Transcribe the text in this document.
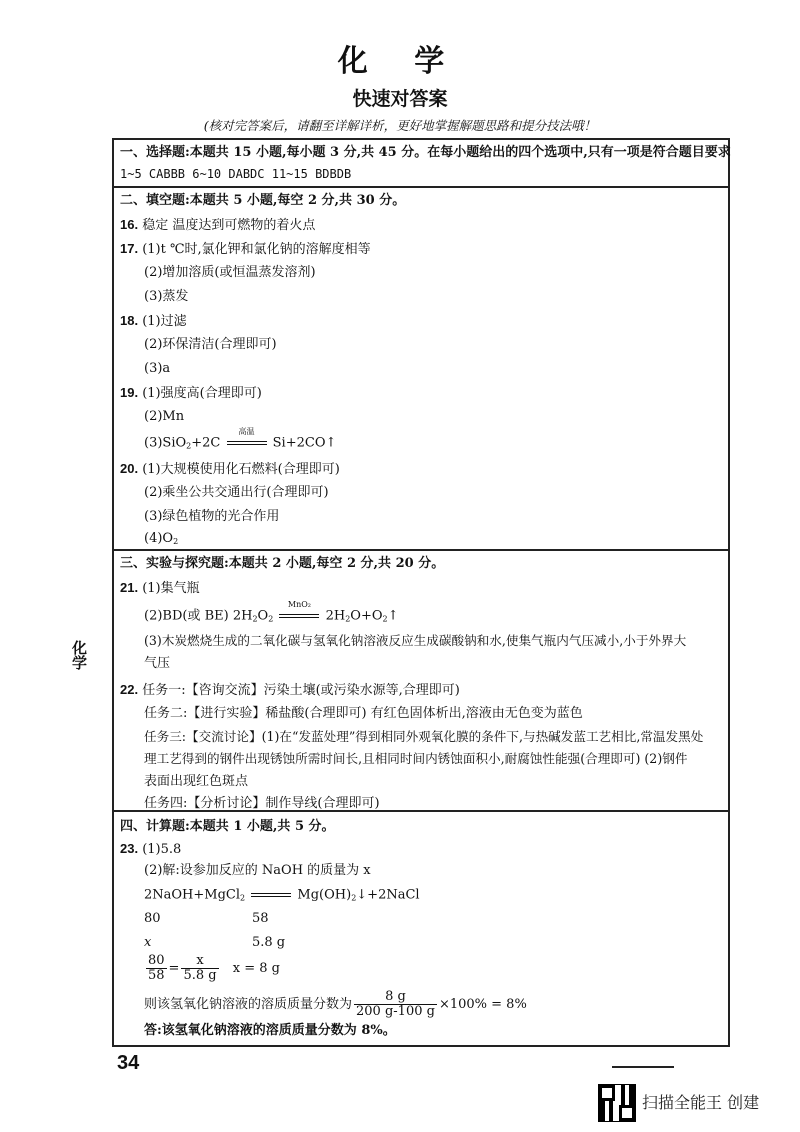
化 学
快速对答案
(核对完答案后，请翻至详解详析，更好地掌握解题思路和提分技法哦！
一、选择题:本题共 15 小题,每小题 3 分,共 45 分。在每小题给出的四个选项中,只有一项是符合题目要求
1~5 CABBB 6~10 DABDC 11~15 BDBDB
二、填空题:本题共 5 小题,每空 2 分,共 30 分。
16. 稳定 温度达到可燃物的着火点
17. (1)t ℃时,氯化钾和氯化钠的溶解度相等
(2)增加溶质(或恒温蒸发溶剂)
(3)蒸发
18. (1)过滤
(2)环保清洁(合理即可)
(3)a
19. (1)强度高(合理即可)
(2)Mn
(3)SiO$_2$+2C
高温
Si+2CO↑
20. (1)大规模使用化石燃料(合理即可)
(2)乘坐公共交通出行(合理即可)
(3)绿色植物的光合作用
$(4)O_2$
三、实验与探究题:本题共 2 小题,每空 2 分,共 20 分。
21. (1)集气瓶
(2)BD(或 BE) $2H_2O_2$
MnO₂
$2H_2O+O_2↑$
(3)木炭燃烧生成的二氧化碳与氢氧化钠溶液反应生成碳酸钠和水,使集气瓶内气压减小,小于外界大
气压
22. 任务一:【咨询交流】污染土壤(或污染水源等,合理即可)
任务二:【进行实验】稀盐酸(合理即可) 有红色固体析出,溶液由无色变为蓝色
任务三:【交流讨论】(1)在“发蓝处理”得到相同外观氧化膜的条件下,与热碱发蓝工艺相比,常温发黑处
理工艺得到的钢件出现锈蚀所需时间长,且相同时间内锈蚀面积小,耐腐蚀性能强(合理即可) (2)钢件
表面出现红色斑点
任务四:【分析讨论】制作导线(合理即可)
四、计算题:本题共 1 小题,共 5 分。
23. (1)5.8
(2)解:设参加反应的 NaOH 的质量为 x
2NaOH+MgCl$_2$	$Mg(OH)_2↓+2NaCl$
80	58
x	5.8 g
$\frac{80}{58} = \frac{x}{5.8 g}$ x = 8 g
则该氢氧化钠溶液的溶质质量分数为 $\frac{8 g}{200 g-100 g} \times 100\% = 8\%$
答:该氢氧化钠溶液的溶质质量分数为 8%。
化学
34
扫描全能王 创建
